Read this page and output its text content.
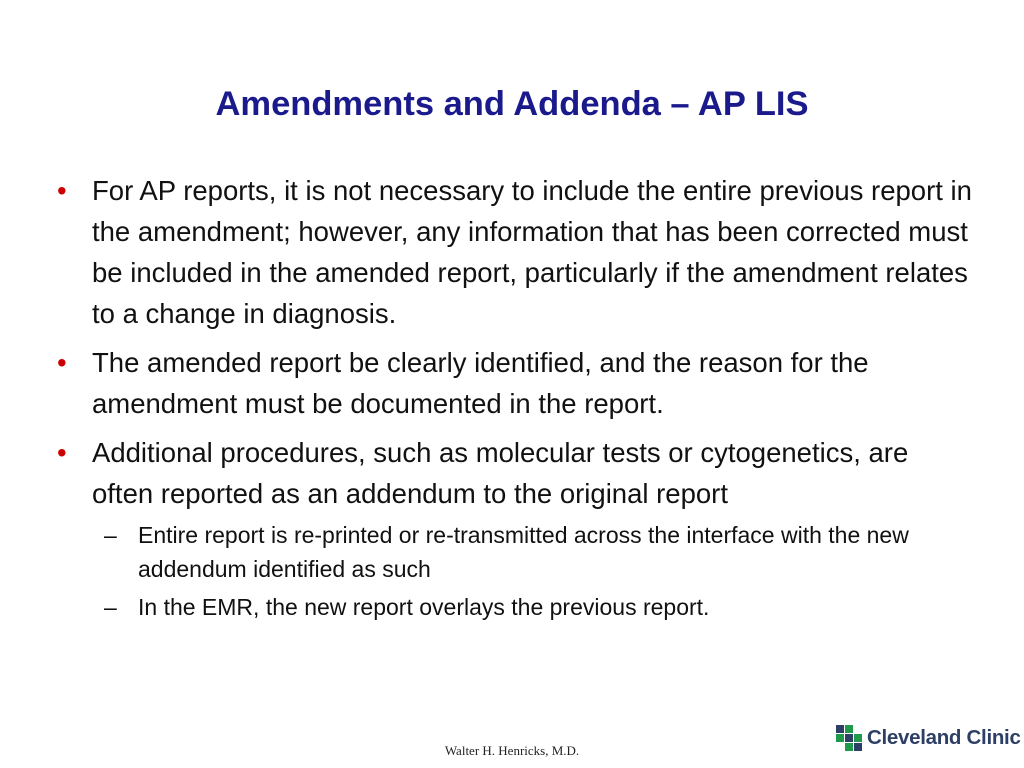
Amendments and Addenda – AP LIS
• For AP reports, it is not necessary to include the entire previous report in the amendment; however, any information that has been corrected must be included in the amended report, particularly if the amendment relates to a change in diagnosis.
• The amended report be clearly identified, and the reason for the amendment must be documented in the report.
• Additional procedures, such as molecular tests or cytogenetics, are often reported as an addendum to the original report
– Entire report is re-printed or re-transmitted across the interface with the new addendum identified as such
– In the EMR, the new report overlays the previous report.
Walter H. Henricks, M.D.
Cleveland Clinic
